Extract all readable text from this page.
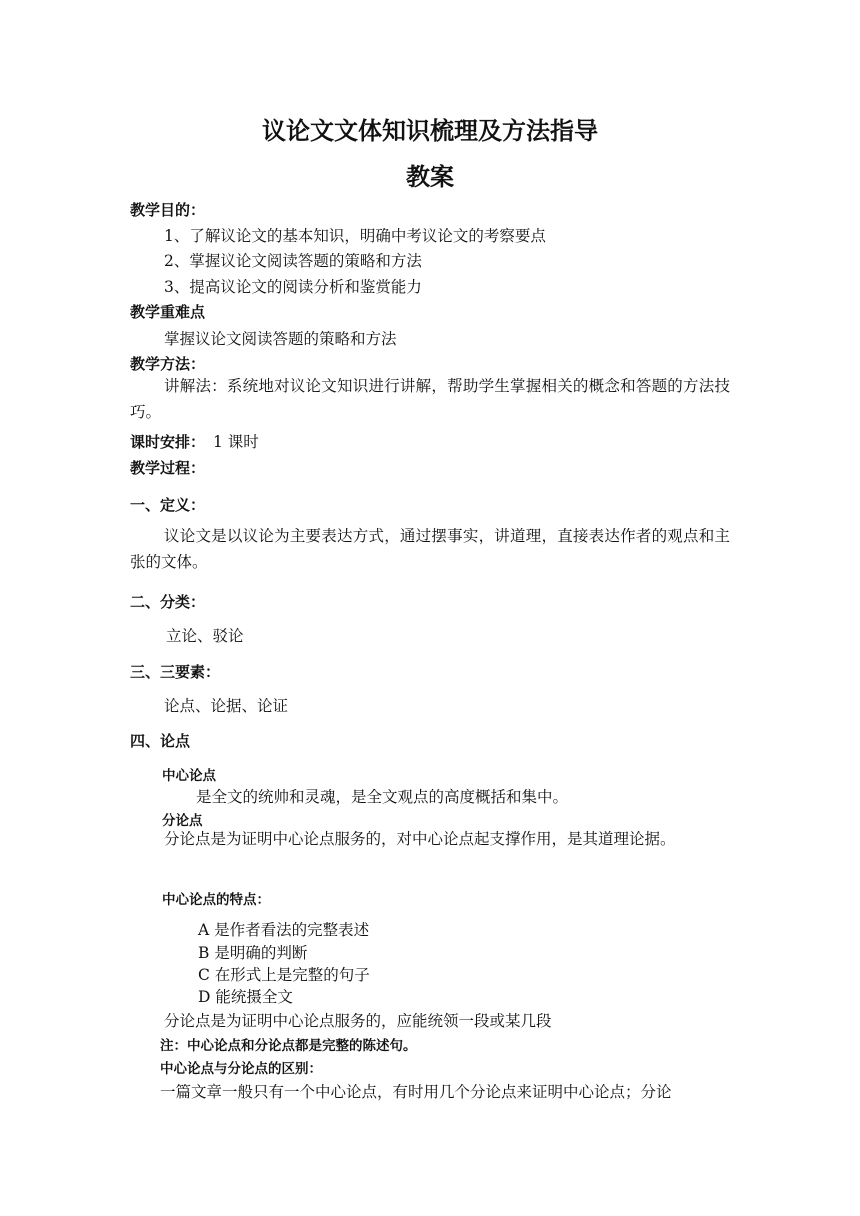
议论文文体知识梳理及方法指导
教案
教学目的：
1、了解议论文的基本知识，明确中考议论文的考察要点
2、掌握议论文阅读答题的策略和方法
3、提高议论文的阅读分析和鉴赏能力
教学重难点
掌握议论文阅读答题的策略和方法
教学方法：

讲解法：系统地对议论文知识进行讲解，帮助学生掌握相关的概念和答题的方法技巧。

课时安排： 1 课时
教学过程：
一、定义：

议论文是以议论为主要表达方式，通过摆事实，讲道理，直接表达作者的观点和主张的文体。

二、分类：
立论、驳论
三、三要素：
论点、论据、论证
四、论点
中心论点
是全文的统帅和灵魂，是全文观点的高度概括和集中。
分论点

分论点是为证明中心论点服务的，对中心论点起支撑作用，是其道理论据。

中心论点的特点：
A 是作者看法的完整表述
B 是明确的判断
C 在形式上是完整的句子
D 能统摄全文
分论点是为证明中心论点服务的，应能统领一段或某几段
注：中心论点和分论点都是完整的陈述句。
中心论点与分论点的区别：
一篇文章一般只有一个中心论点，有时用几个分论点来证明中心论点；分论
